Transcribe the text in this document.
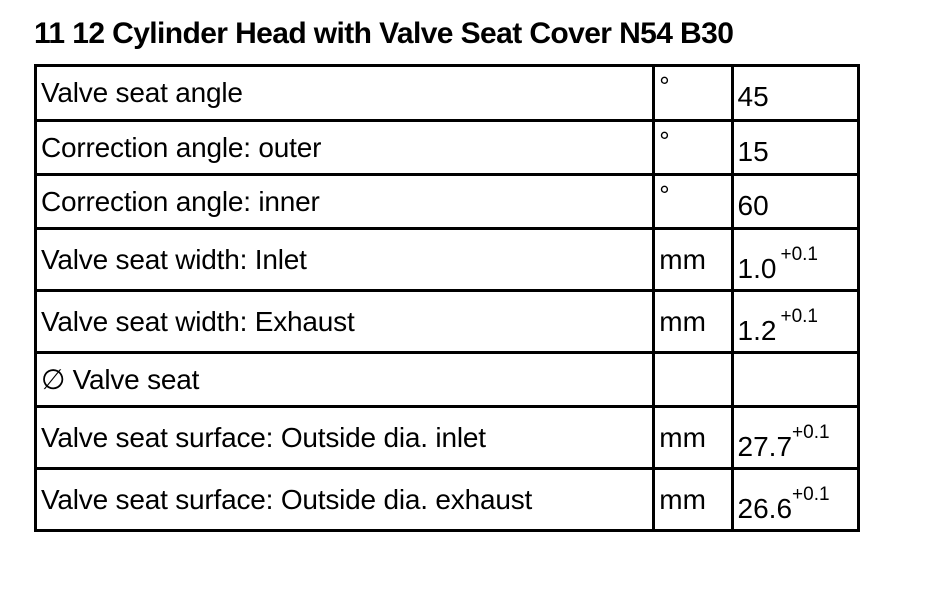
11 12 Cylinder Head with Valve Seat Cover N54 B30
Valve seat angle	°	45
Correction angle: outer	°	15
Correction angle: inner	°	60
Valve seat width: Inlet	mm	1.0 $^{+0.1}$
Valve seat width: Exhaust	mm	1.2 $^{+0.1}$
∅ Valve seat		
Valve seat surface: Outside dia. inlet	mm	$27.7^{+0.1}$
Valve seat surface: Outside dia. exhaust	mm	$26.6^{+0.1}$
